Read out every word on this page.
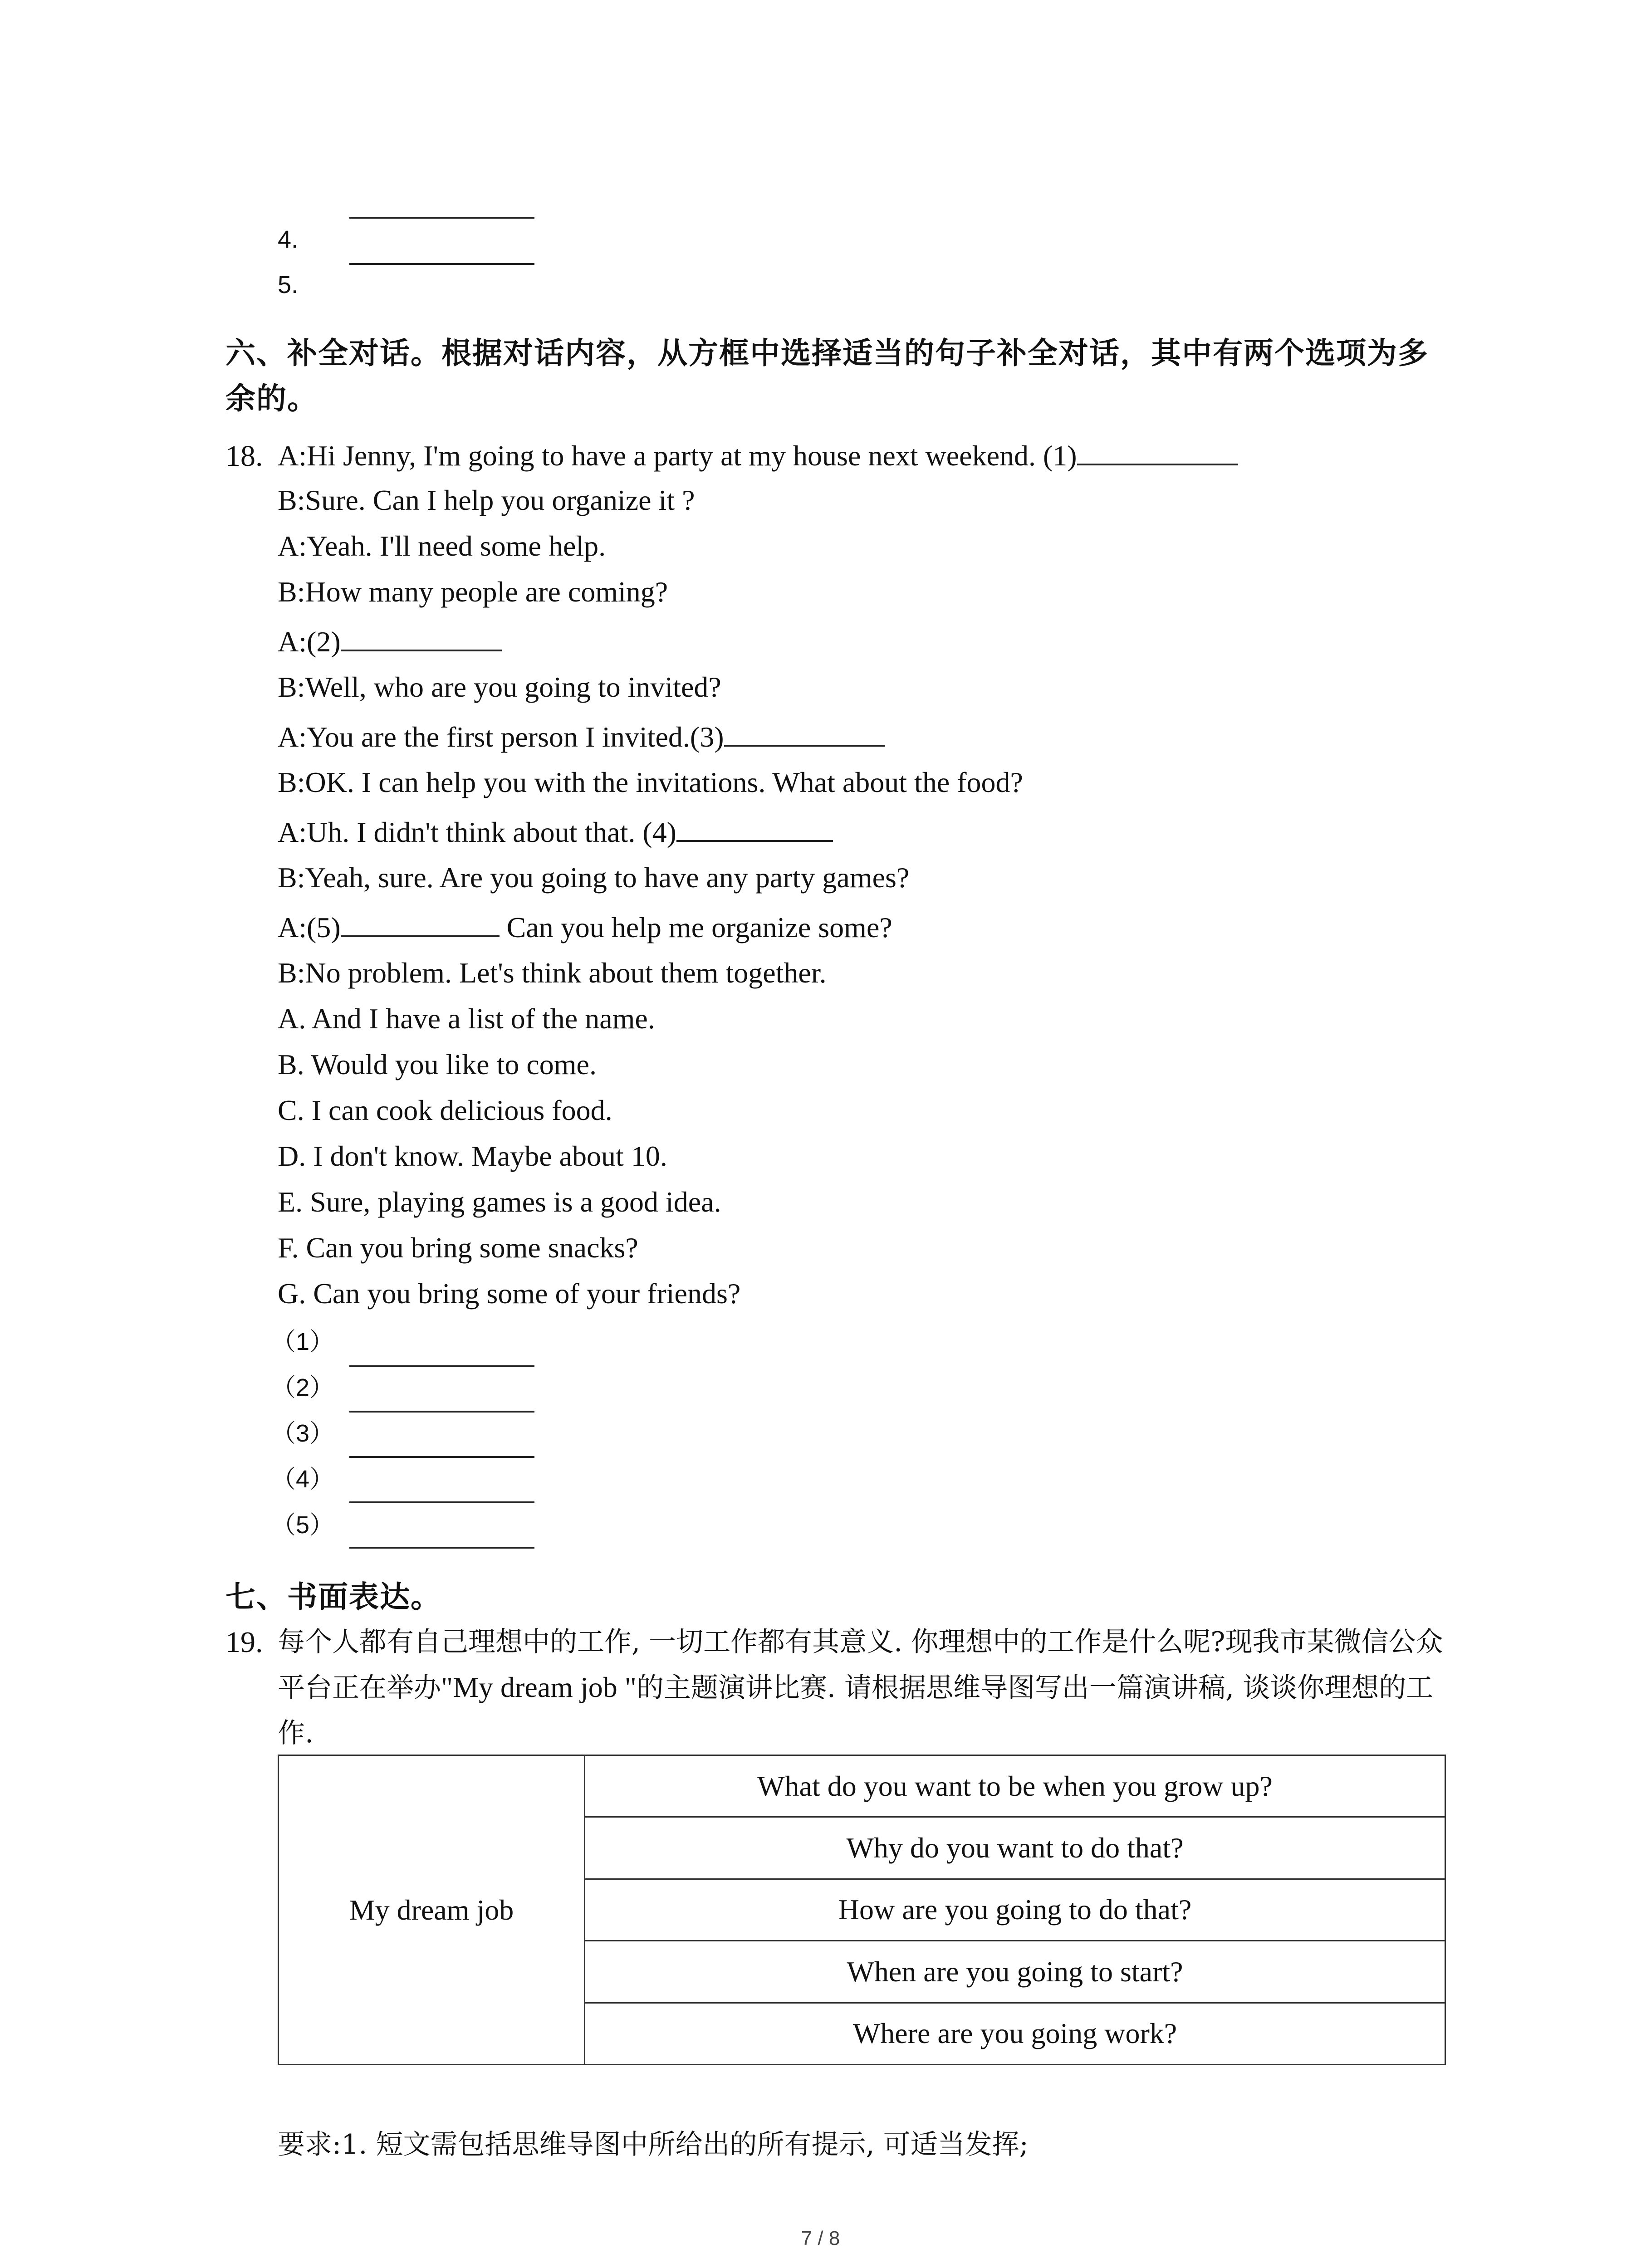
4.
5.
六、补全对话。根据对话内容，从方框中选择适当的句子补全对话，其中有两个选项为多余的。
18. A:Hi Jenny, I'm going to have a party at my house next weekend. (1)
B:Sure. Can I help you organize it ?
A:Yeah. I'll need some help.
B:How many people are coming?
A:(2)
B:Well, who are you going to invited?
A:You are the first person I invited.(3)
B:OK. I can help you with the invitations. What about the food?
A:Uh. I didn't think about that. (4)
B:Yeah, sure. Are you going to have any party games?
A:(5)	Can you help me organize some?
B:No problem. Let's think about them together.
A. And I have a list of the name.
B. Would you like to come.
C. I can cook delicious food.
D. I don't know. Maybe about 10.
E. Sure, playing games is a good idea.
F. Can you bring some snacks?
G. Can you bring some of your friends?
（1）
（2）
（3）
（4）
（5）
七、书面表达。
19. 每个人都有自己理想中的工作, 一切工作都有其意义. 你理想中的工作是什么呢?现我市某微信公众平台正在举办"My dream job "的主题演讲比赛. 请根据思维导图写出一篇演讲稿, 谈谈你理想的工作.
My dream job	What do you want to be when you grow up?
Why do you want to do that?
How are you going to do that?
When are you going to start?
Where are you going work?
要求:1. 短文需包括思维导图中所给出的所有提示, 可适当发挥;
7 / 8
